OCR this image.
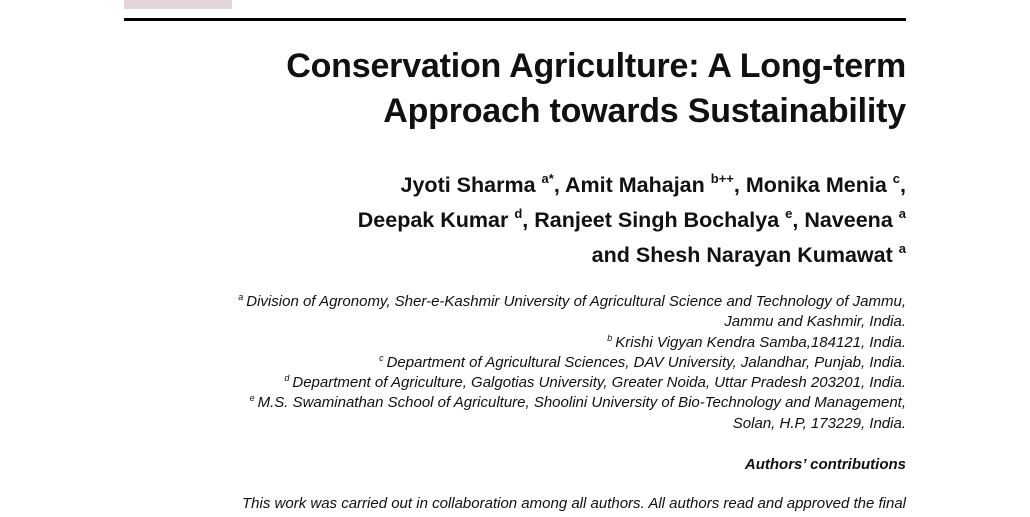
Conservation Agriculture: A Long-term
Approach towards Sustainability
Jyoti Sharma $^{a*}$, Amit Mahajan $^{b++}$, Monika Menia $^c$,
Deepak Kumar $^d$, Ranjeet Singh Bochalya $^e$, Naveena $^a$
and Shesh Narayan Kumawat $^a$
$^a$ Division of Agronomy, Sher-e-Kashmir University of Agricultural Science and Technology of Jammu,
Jammu and Kashmir, India.
$^b$ Krishi Vigyan Kendra Samba,184121, India.
$^c$ Department of Agricultural Sciences, DAV University, Jalandhar, Punjab, India.
$^d$ Department of Agriculture, Galgotias University, Greater Noida, Uttar Pradesh 203201, India.
$^e$ M.S. Swaminathan School of Agriculture, Shoolini University of Bio-Technology and Management,
Solan, H.P, 173229, India.
Authors’ contributions
This work was carried out in collaboration among all authors. All authors read and approved the final
